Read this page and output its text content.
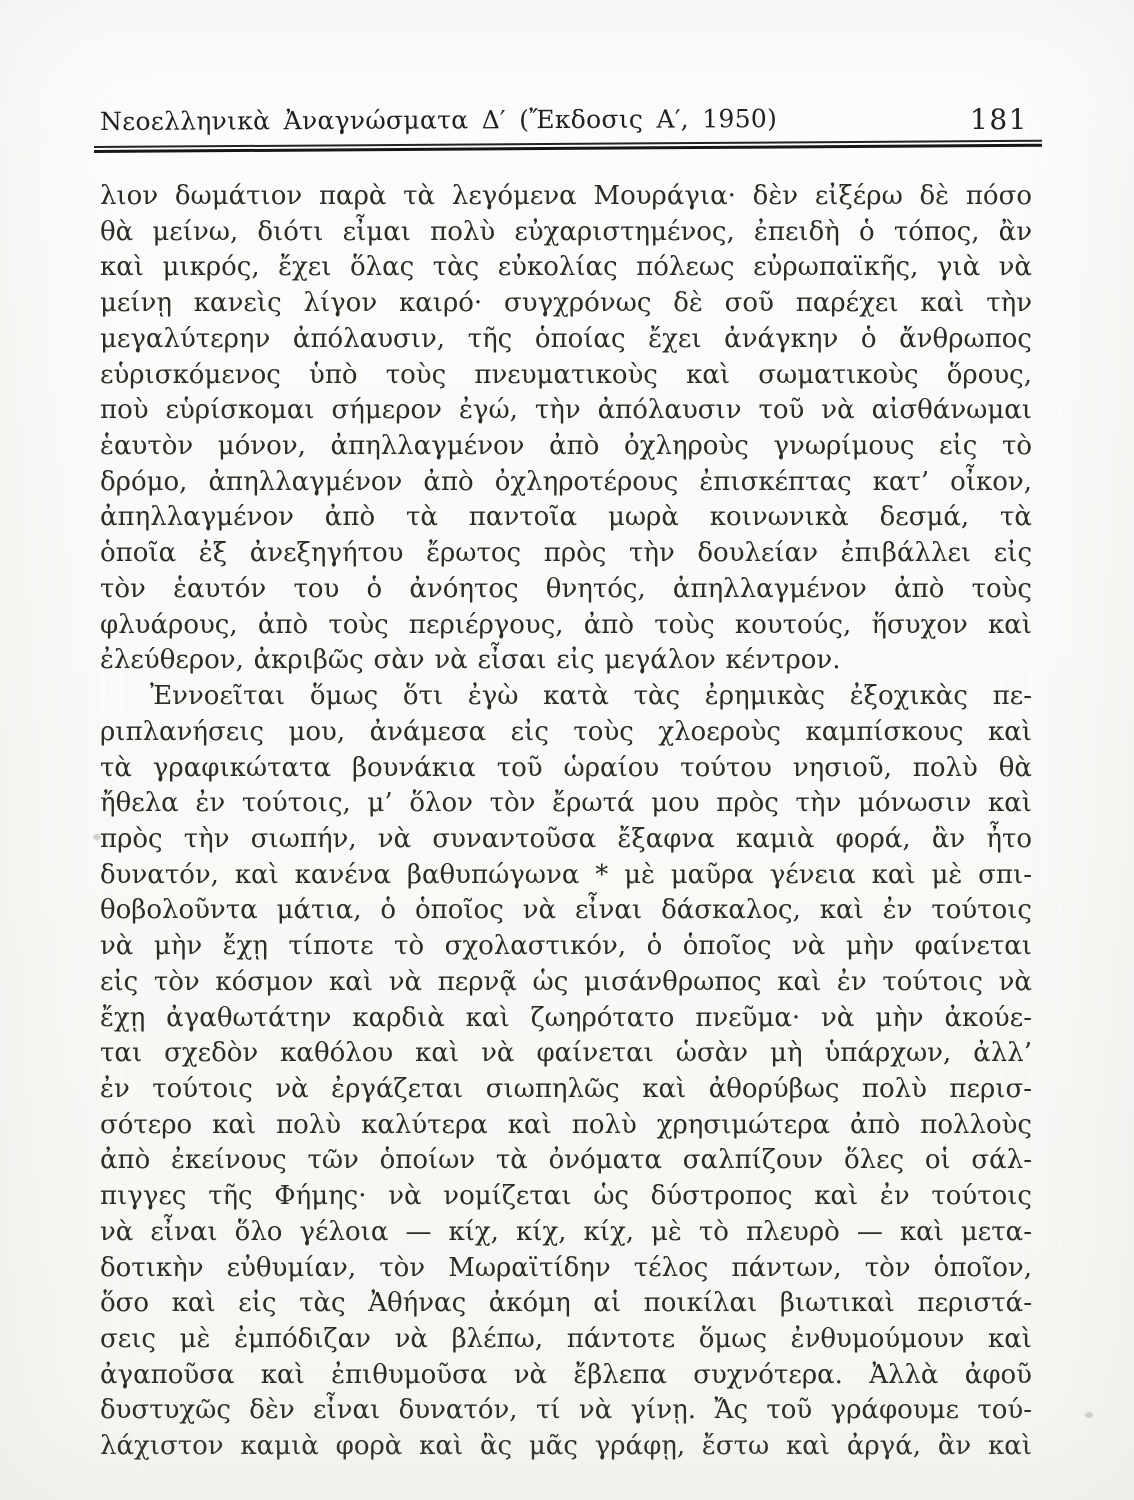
Νεοελληνικὰ Ἀναγνώσματα Δ′ (Ἔκδοσις Α′, 1950)	181
λιον δωμάτιον παρὰ τὰ λεγόμενα Μουράγια· δὲν εἰξέρω δὲ πόσο
θὰ μείνω, διότι εἶμαι πολὺ εὐχαριστημένος, ἐπειδὴ ὁ τόπος, ἂν
καὶ μικρός, ἔχει ὅλας τὰς εὐκολίας πόλεως εὐρωπαϊκῆς, γιὰ νὰ
μείνῃ κανεὶς λίγον καιρό· συγχρόνως δὲ σοῦ παρέχει καὶ τὴν
μεγαλύτερην ἀπόλαυσιν, τῆς ὁποίας ἔχει ἀνάγκην ὁ ἄνθρωπος
εὑρισκόμενος ὑπὸ τοὺς πνευματικοὺς καὶ σωματικοὺς ὅρους,
ποὺ εὑρίσκομαι σήμερον ἐγώ, τὴν ἀπόλαυσιν τοῦ νὰ αἰσθάνωμαι
ἑαυτὸν μόνον, ἀπηλλαγμένον ἀπὸ ὀχληροὺς γνωρίμους εἰς τὸ
δρόμο, ἀπηλλαγμένον ἀπὸ ὀχληροτέρους ἐπισκέπτας κατ’ οἶκον,
ἀπηλλαγμένον ἀπὸ τὰ παντοῖα μωρὰ κοινωνικὰ δεσμά, τὰ
ὁποῖα ἐξ ἀνεξηγήτου ἔρωτος πρὸς τὴν δουλείαν ἐπιβάλλει εἰς
τὸν ἑαυτόν του ὁ ἀνόητος θνητός, ἀπηλλαγμένον ἀπὸ τοὺς
φλυάρους, ἀπὸ τοὺς περιέργους, ἀπὸ τοὺς κουτούς, ἥσυχον καὶ
ἐλεύθερον, ἀκριβῶς σὰν νὰ εἶσαι εἰς μεγάλον κέντρον.
Ἐννοεῖται ὅμως ὅτι ἐγὼ κατὰ τὰς ἐρημικὰς ἐξοχικὰς πε-
ριπλανήσεις μου, ἀνάμεσα εἰς τοὺς χλοεροὺς καμπίσκους καὶ
τὰ γραφικώτατα βουνάκια τοῦ ὡραίου τούτου νησιοῦ, πολὺ θὰ
ἤθελα ἐν τούτοις, μ’ ὅλον τὸν ἔρωτά μου πρὸς τὴν μόνωσιν καὶ
πρὸς τὴν σιωπήν, νὰ συναντοῦσα ἔξαφνα καμιὰ φορά, ἂν ἦτο
δυνατόν, καὶ κανένα βαθυπώγωνα * μὲ μαῦρα γένεια καὶ μὲ σπι-
θοβολοῦντα μάτια, ὁ ὁποῖος νὰ εἶναι δάσκαλος, καὶ ἐν τούτοις
νὰ μὴν ἔχῃ τίποτε τὸ σχολαστικόν, ὁ ὁποῖος νὰ μὴν φαίνεται
εἰς τὸν κόσμον καὶ νὰ περνᾷ ὡς μισάνθρωπος καὶ ἐν τούτοις νὰ
ἔχῃ ἀγαθωτάτην καρδιὰ καὶ ζωηρότατο πνεῦμα· νὰ μὴν ἀκούε-
ται σχεδὸν καθόλου καὶ νὰ φαίνεται ὡσὰν μὴ ὑπάρχων, ἀλλ’
ἐν τούτοις νὰ ἐργάζεται σιωπηλῶς καὶ ἀθορύβως πολὺ περισ-
σότερο καὶ πολὺ καλύτερα καὶ πολὺ χρησιμώτερα ἀπὸ πολλοὺς
ἀπὸ ἐκείνους τῶν ὁποίων τὰ ὀνόματα σαλπίζουν ὅλες οἱ σάλ-
πιγγες τῆς Φήμης· νὰ νομίζεται ὡς δύστροπος καὶ ἐν τούτοις
νὰ εἶναι ὅλο γέλοια — κίχ, κίχ, κίχ, μὲ τὸ πλευρὸ — καὶ μετα-
δοτικὴν εὐθυμίαν, τὸν Μωραϊτίδην τέλος πάντων, τὸν ὁποῖον,
ὅσο καὶ εἰς τὰς Ἀθήνας ἀκόμη αἱ ποικίλαι βιωτικαὶ περιστά-
σεις μὲ ἐμπόδιζαν νὰ βλέπω, πάντοτε ὅμως ἐνθυμούμουν καὶ
ἀγαποῦσα καὶ ἐπιθυμοῦσα νὰ ἔβλεπα συχνότερα. Ἀλλὰ ἀφοῦ
δυστυχῶς δὲν εἶναι δυνατόν, τί νὰ γίνῃ. Ἄς τοῦ γράφουμε τού-
λάχιστον καμιὰ φορὰ καὶ ἂς μᾶς γράφῃ, ἔστω καὶ ἀργά, ἂν καὶ
